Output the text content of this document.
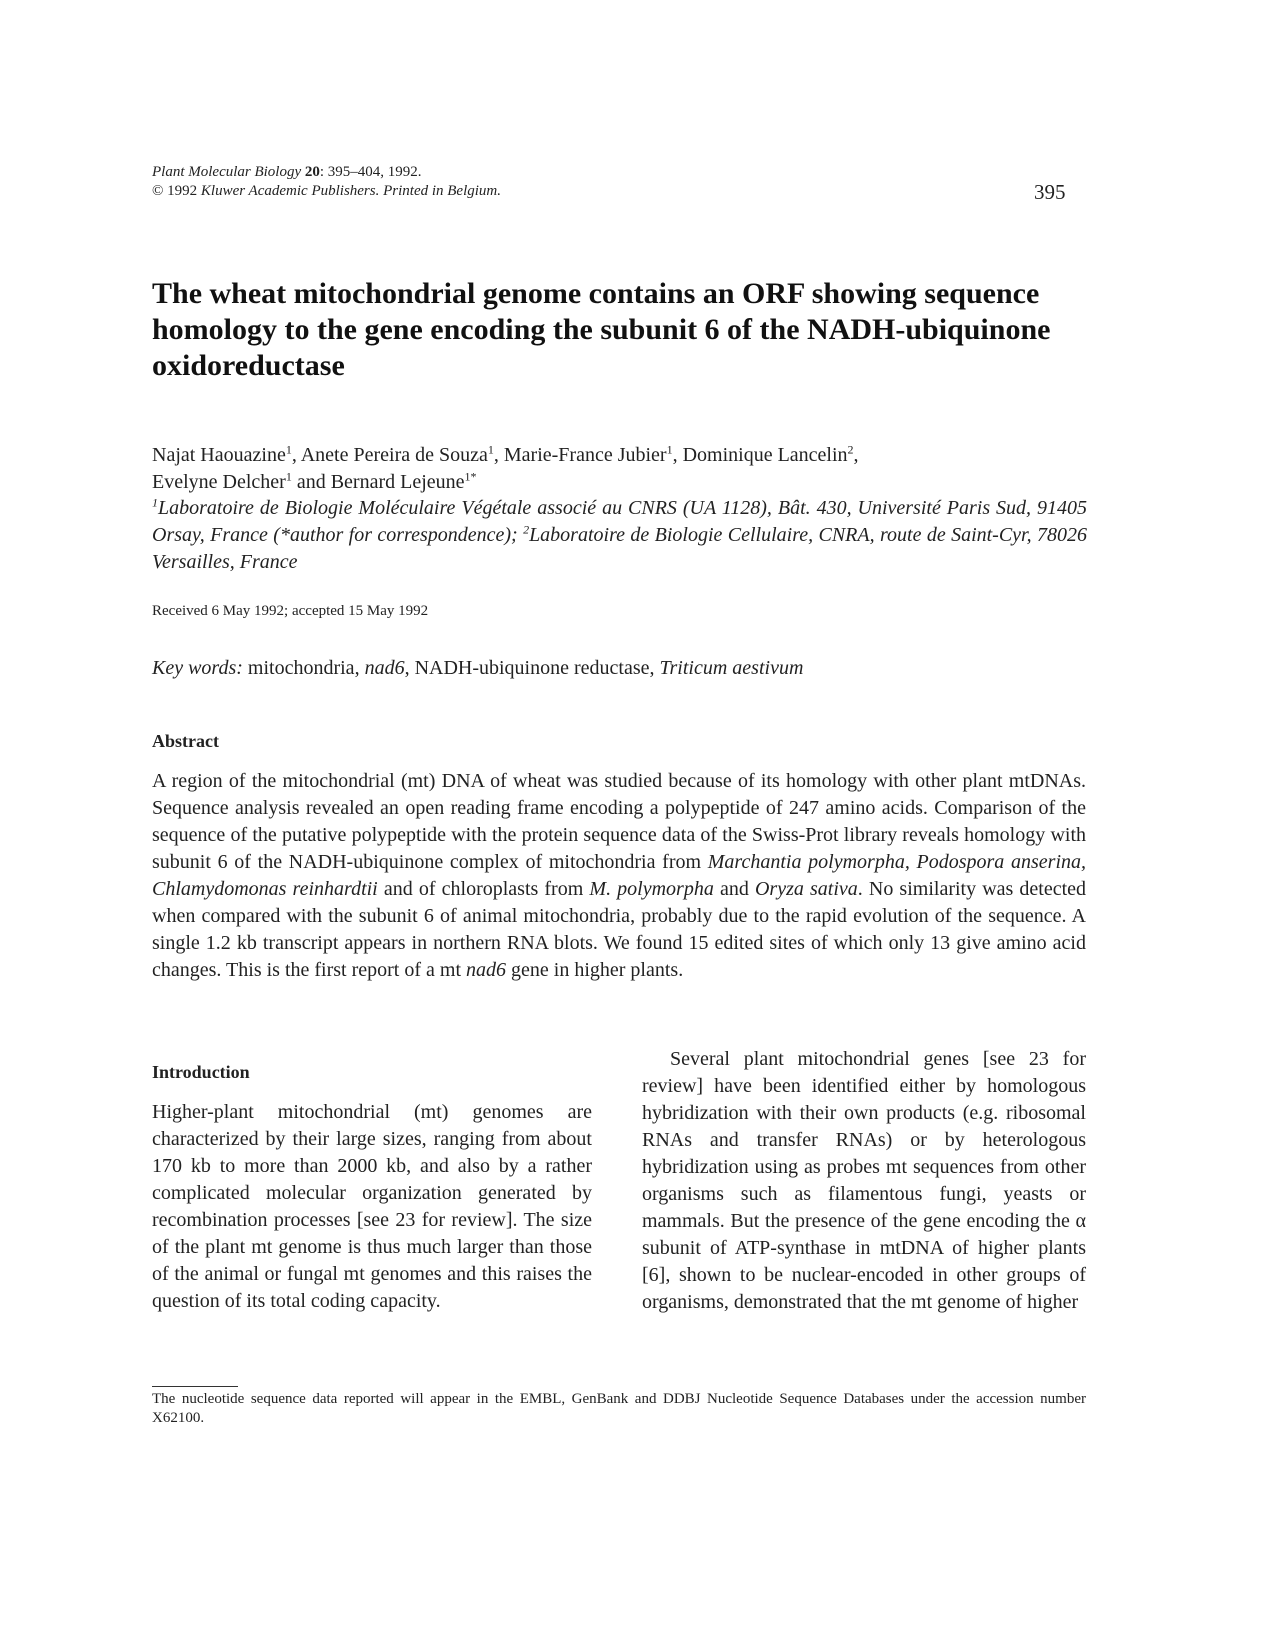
Plant Molecular Biology 20: 395–404, 1992.
© 1992 Kluwer Academic Publishers. Printed in Belgium.	395
The wheat mitochondrial genome contains an ORF showing sequence homology to the gene encoding the subunit 6 of the NADH-ubiquinone oxidoreductase
Najat Haouazine$^1$, Anete Pereira de Souza$^1$, Marie-France Jubier$^1$, Dominique Lancelin$^2$,
Evelyne Delcher$^1$ and Bernard Lejeune$^{1*}$
$^1$Laboratoire de Biologie Moléculaire Végétale associé au CNRS (UA 1128), Bât. 430, Université Paris Sud, 91405 Orsay, France (*author for correspondence); $^2$Laboratoire de Biologie Cellulaire, CNRA, route de Saint-Cyr, 78026 Versailles, France
Received 6 May 1992; accepted 15 May 1992
Key words: mitochondria, nad6, NADH-ubiquinone reductase, Triticum aestivum
Abstract
A region of the mitochondrial (mt) DNA of wheat was studied because of its homology with other plant mtDNAs. Sequence analysis revealed an open reading frame encoding a polypeptide of 247 amino acids. Comparison of the sequence of the putative polypeptide with the protein sequence data of the Swiss-Prot library reveals homology with subunit 6 of the NADH-ubiquinone complex of mitochondria from Marchantia polymorpha, Podospora anserina, Chlamydomonas reinhardtii and of chloroplasts from M. polymorpha and Oryza sativa. No similarity was detected when compared with the subunit 6 of animal mitochondria, probably due to the rapid evolution of the sequence. A single 1.2 kb transcript appears in northern RNA blots. We found 15 edited sites of which only 13 give amino acid changes. This is the first report of a mt nad6 gene in higher plants.
Introduction
Higher-plant mitochondrial (mt) genomes are characterized by their large sizes, ranging from about 170 kb to more than 2000 kb, and also by a rather complicated molecular organization generated by recombination processes [see 23 for review]. The size of the plant mt genome is thus much larger than those of the animal or fungal mt genomes and this raises the question of its total coding capacity.
Several plant mitochondrial genes [see 23 for review] have been identified either by homologous hybridization with their own products (e.g. ribosomal RNAs and transfer RNAs) or by heterologous hybridization using as probes mt sequences from other organisms such as filamentous fungi, yeasts or mammals. But the presence of the gene encoding the α subunit of ATP-synthase in mtDNA of higher plants [6], shown to be nuclear-encoded in other groups of organisms, demonstrated that the mt genome of higher
The nucleotide sequence data reported will appear in the EMBL, GenBank and DDBJ Nucleotide Sequence Databases under the accession number X62100.
